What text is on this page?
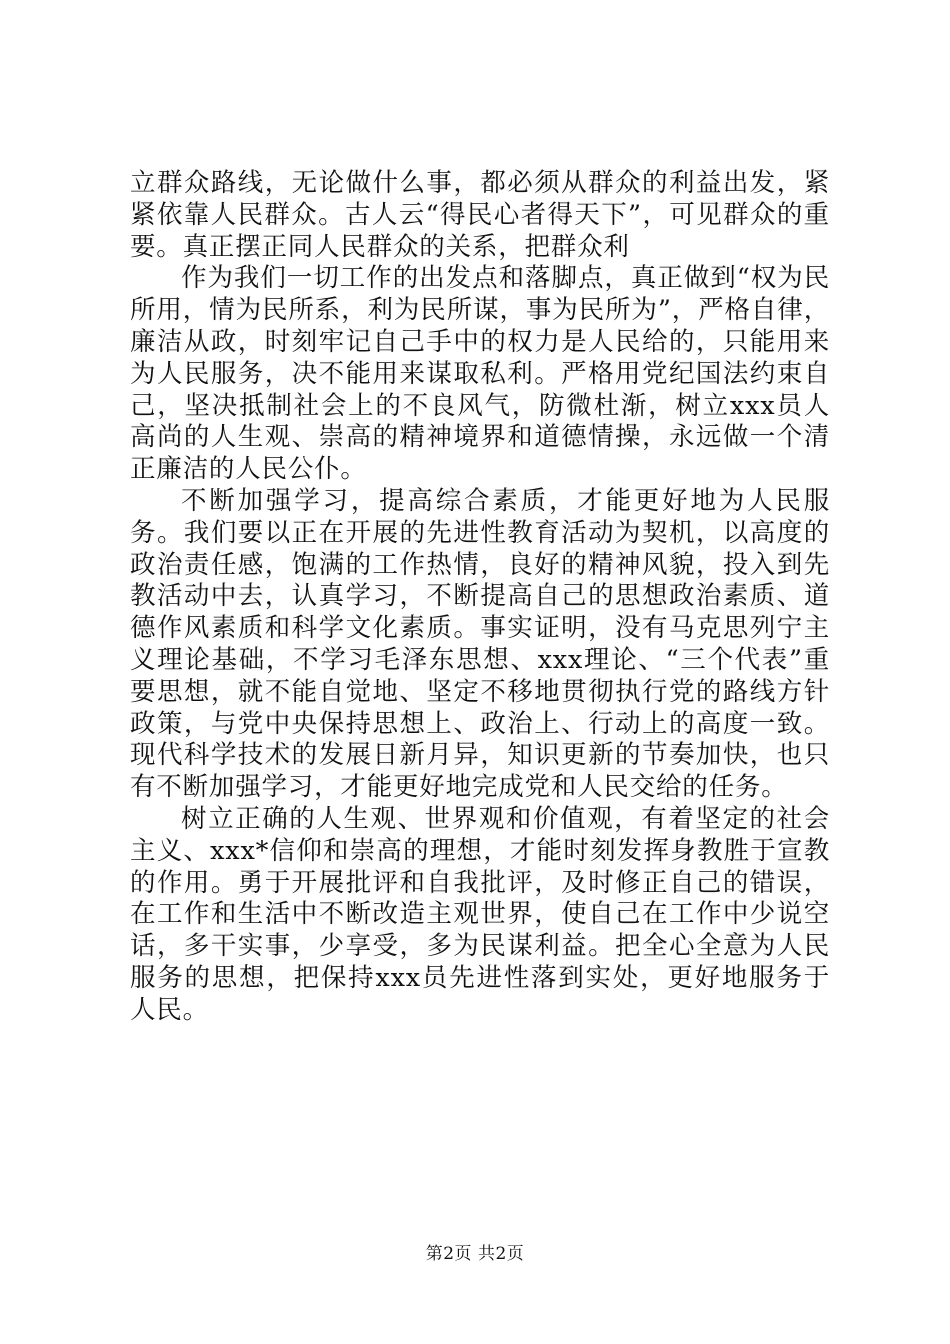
立群众路线，无论做什么事，都必须从群众的利益出发，紧紧依靠人民群众。古人云“得民心者得天下”，可见群众的重要。真正摆正同人民群众的关系，把群众利

作为我们一切工作的出发点和落脚点，真正做到“权为民所用，情为民所系，利为民所谋，事为民所为”，严格自律，廉洁从政，时刻牢记自己手中的权力是人民给的，只能用来为人民服务，决不能用来谋取私利。严格用党纪国法约束自己，坚决抵制社会上的不良风气，防微杜渐，树立xxx员人高尚的人生观、崇高的精神境界和道德情操，永远做一个清正廉洁的人民公仆。

不断加强学习，提高综合素质，才能更好地为人民服务。我们要以正在开展的先进性教育活动为契机，以高度的政治责任感，饱满的工作热情，良好的精神风貌，投入到先教活动中去，认真学习，不断提高自己的思想政治素质、道德作风素质和科学文化素质。事实证明，没有马克思列宁主义理论基础，不学习毛泽东思想、xxx理论、“三个代表”重要思想，就不能自觉地、坚定不移地贯彻执行党的路线方针政策，与党中央保持思想上、政治上、行动上的高度一致。现代科学技术的发展日新月异，知识更新的节奏加快，也只有不断加强学习，才能更好地完成党和人民交给的任务。

树立正确的人生观、世界观和价值观，有着坚定的社会主义、xxx*信仰和崇高的理想，才能时刻发挥身教胜于宣教的作用。勇于开展批评和自我批评，及时修正自己的错误，在工作和生活中不断改造主观世界，使自己在工作中少说空话，多干实事，少享受，多为民谋利益。把全心全意为人民服务的思想，把保持xxx员先进性落到实处，更好地服务于人民。

第2页 共2页
